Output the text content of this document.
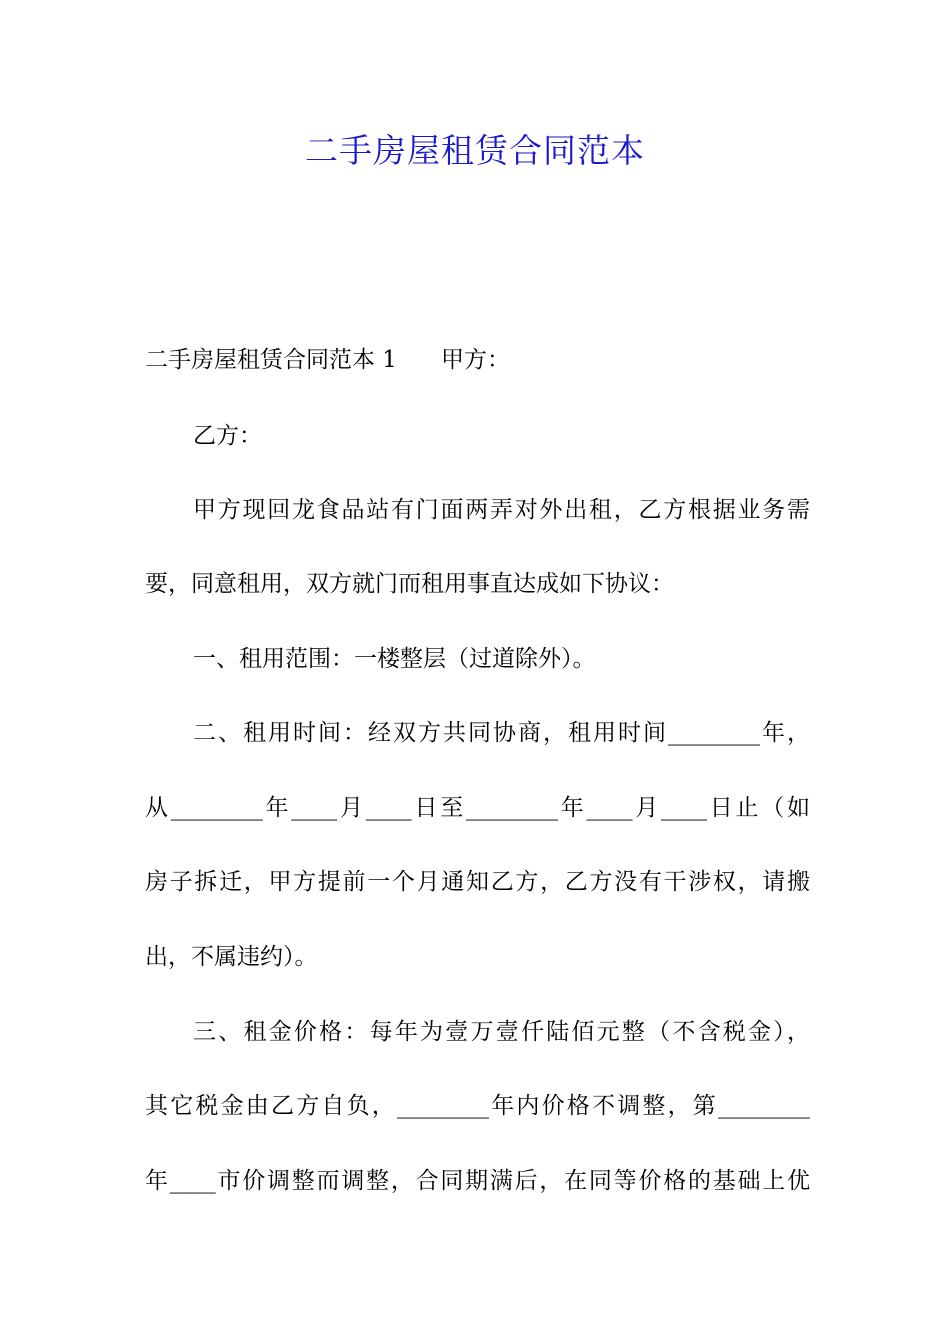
二手房屋租赁合同范本
二手房屋租赁合同范本 1 甲方：
乙方：
甲方现回龙食品站有门面两弄对外出租，乙方根据业务需
要，同意租用，双方就门而租用事直达成如下协议：
一、租用范围：一楼整层（过道除外）。
二、租用时间：经双方共同协商，租用时间________年，
从________年____月____日至________年____月____日止（如
房子拆迁，甲方提前一个月通知乙方，乙方没有干涉权，请搬
出，不属违约）。
三、租金价格：每年为壹万壹仟陆佰元整（不含税金），
其它税金由乙方自负，________年内价格不调整，第________
年____市价调整而调整，合同期满后，在同等价格的基础上优
